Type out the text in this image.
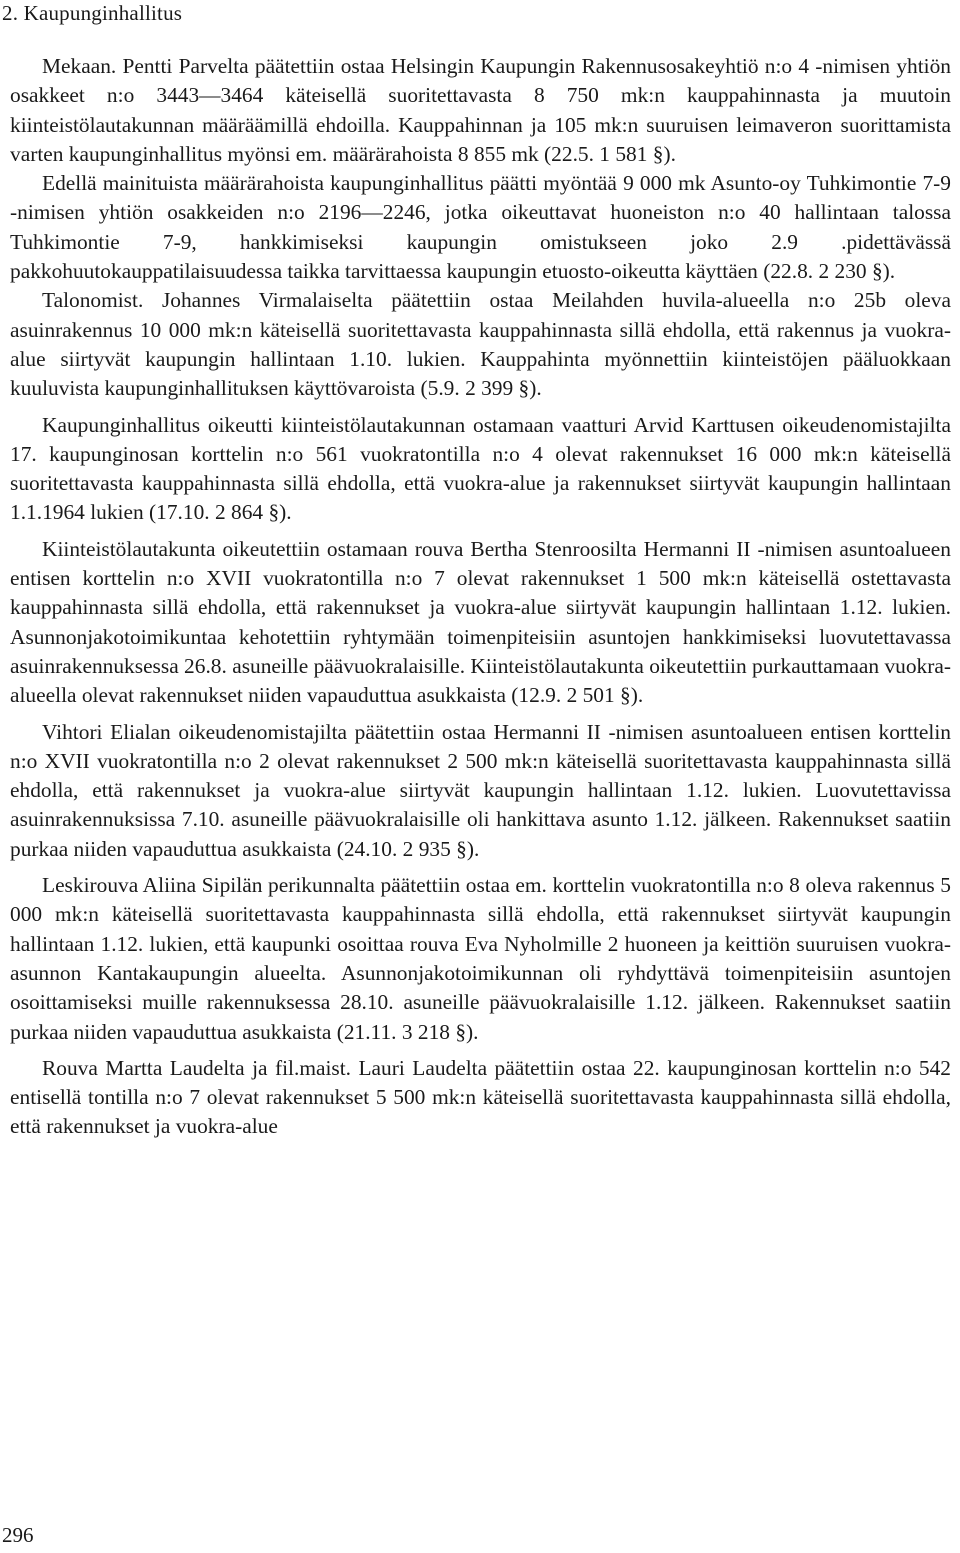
2. Kaupunginhallitus

Mekaan. Pentti Parvelta päätettiin ostaa Helsingin Kaupungin Rakennusosakeyhtiö n:o 4 -nimisen yhtiön osakkeet n:o 3443—3464 käteisellä suoritettavasta 8 750 mk:n kauppahinnasta ja muutoin kiinteistölautakunnan määräämillä ehdoilla. Kauppahinnan ja 105 mk:n suuruisen leimaveron suorittamista varten kaupunginhallitus myönsi em. määrärahoista 8 855 mk (22.5. 1 581 §).

Edellä mainituista määrärahoista kaupunginhallitus päätti myöntää 9 000 mk Asunto-oy Tuhkimontie 7-9 -nimisen yhtiön osakkeiden n:o 2196—2246, jotka oikeuttavat huoneiston n:o 40 hallintaan talossa Tuhkimontie 7-9, hankkimiseksi kaupungin omistukseen joko 2.9 .pidettävässä pakkohuutokauppatilaisuudessa taikka tarvittaessa kaupungin etuosto-oikeutta käyttäen (22.8. 2 230 §).

Talonomist. Johannes Virmalaiselta päätettiin ostaa Meilahden huvila-alueella n:o 25b oleva asuinrakennus 10 000 mk:n käteisellä suoritettavasta kauppahinnasta sillä ehdolla, että rakennus ja vuokra-alue siirtyvät kaupungin hallintaan 1.10. lukien. Kauppahinta myönnettiin kiinteistöjen pääluokkaan kuuluvista kaupunginhallituksen käyttövaroista (5.9. 2 399 §).

Kaupunginhallitus oikeutti kiinteistölautakunnan ostamaan vaatturi Arvid Karttusen oikeudenomistajilta 17. kaupunginosan korttelin n:o 561 vuokratontilla n:o 4 olevat rakennukset 16 000 mk:n käteisellä suoritettavasta kauppahinnasta sillä ehdolla, että vuokra-alue ja rakennukset siirtyvät kaupungin hallintaan 1.1.1964 lukien (17.10. 2 864 §).

Kiinteistölautakunta oikeutettiin ostamaan rouva Bertha Stenroosilta Hermanni II -nimisen asuntoalueen entisen korttelin n:o XVII vuokratontilla n:o 7 olevat rakennukset 1 500 mk:n käteisellä ostettavasta kauppahinnasta sillä ehdolla, että rakennukset ja vuokra-alue siirtyvät kaupungin hallintaan 1.12. lukien. Asunnonjakotoimikuntaa kehotettiin ryhtymään toimenpiteisiin asuntojen hankkimiseksi luovutettavassa asuinrakennuksessa 26.8. asuneille päävuokralaisille. Kiinteistölautakunta oikeutettiin purkauttamaan vuokra-alueella olevat rakennukset niiden vapauduttua asukkaista (12.9. 2 501 §).

Vihtori Elialan oikeudenomistajilta päätettiin ostaa Hermanni II -nimisen asuntoalueen entisen korttelin n:o XVII vuokratontilla n:o 2 olevat rakennukset 2 500 mk:n käteisellä suoritettavasta kauppahinnasta sillä ehdolla, että rakennukset ja vuokra-alue siirtyvät kaupungin hallintaan 1.12. lukien. Luovutettavissa asuinrakennuksissa 7.10. asuneille päävuokralaisille oli hankittava asunto 1.12. jälkeen. Rakennukset saatiin purkaa niiden vapauduttua asukkaista (24.10. 2 935 §).

Leskirouva Aliina Sipilän perikunnalta päätettiin ostaa em. korttelin vuokratontilla n:o 8 oleva rakennus 5 000 mk:n käteisellä suoritettavasta kauppahinnasta sillä ehdolla, että rakennukset siirtyvät kaupungin hallintaan 1.12. lukien, että kaupunki osoittaa rouva Eva Nyholmille 2 huoneen ja keittiön suuruisen vuokra-asunnon Kantakaupungin alueelta. Asunnonjakotoimikunnan oli ryhdyttävä toimenpiteisiin asuntojen osoittamiseksi muille rakennuksessa 28.10. asuneille päävuokralaisille 1.12. jälkeen. Rakennukset saatiin purkaa niiden vapauduttua asukkaista (21.11. 3 218 §).

Rouva Martta Laudelta ja fil.maist. Lauri Laudelta päätettiin ostaa 22. kaupunginosan korttelin n:o 542 entisellä tontilla n:o 7 olevat rakennukset 5 500 mk:n käteisellä suoritettavasta kauppahinnasta sillä ehdolla, että rakennukset ja vuokra-alue

296
